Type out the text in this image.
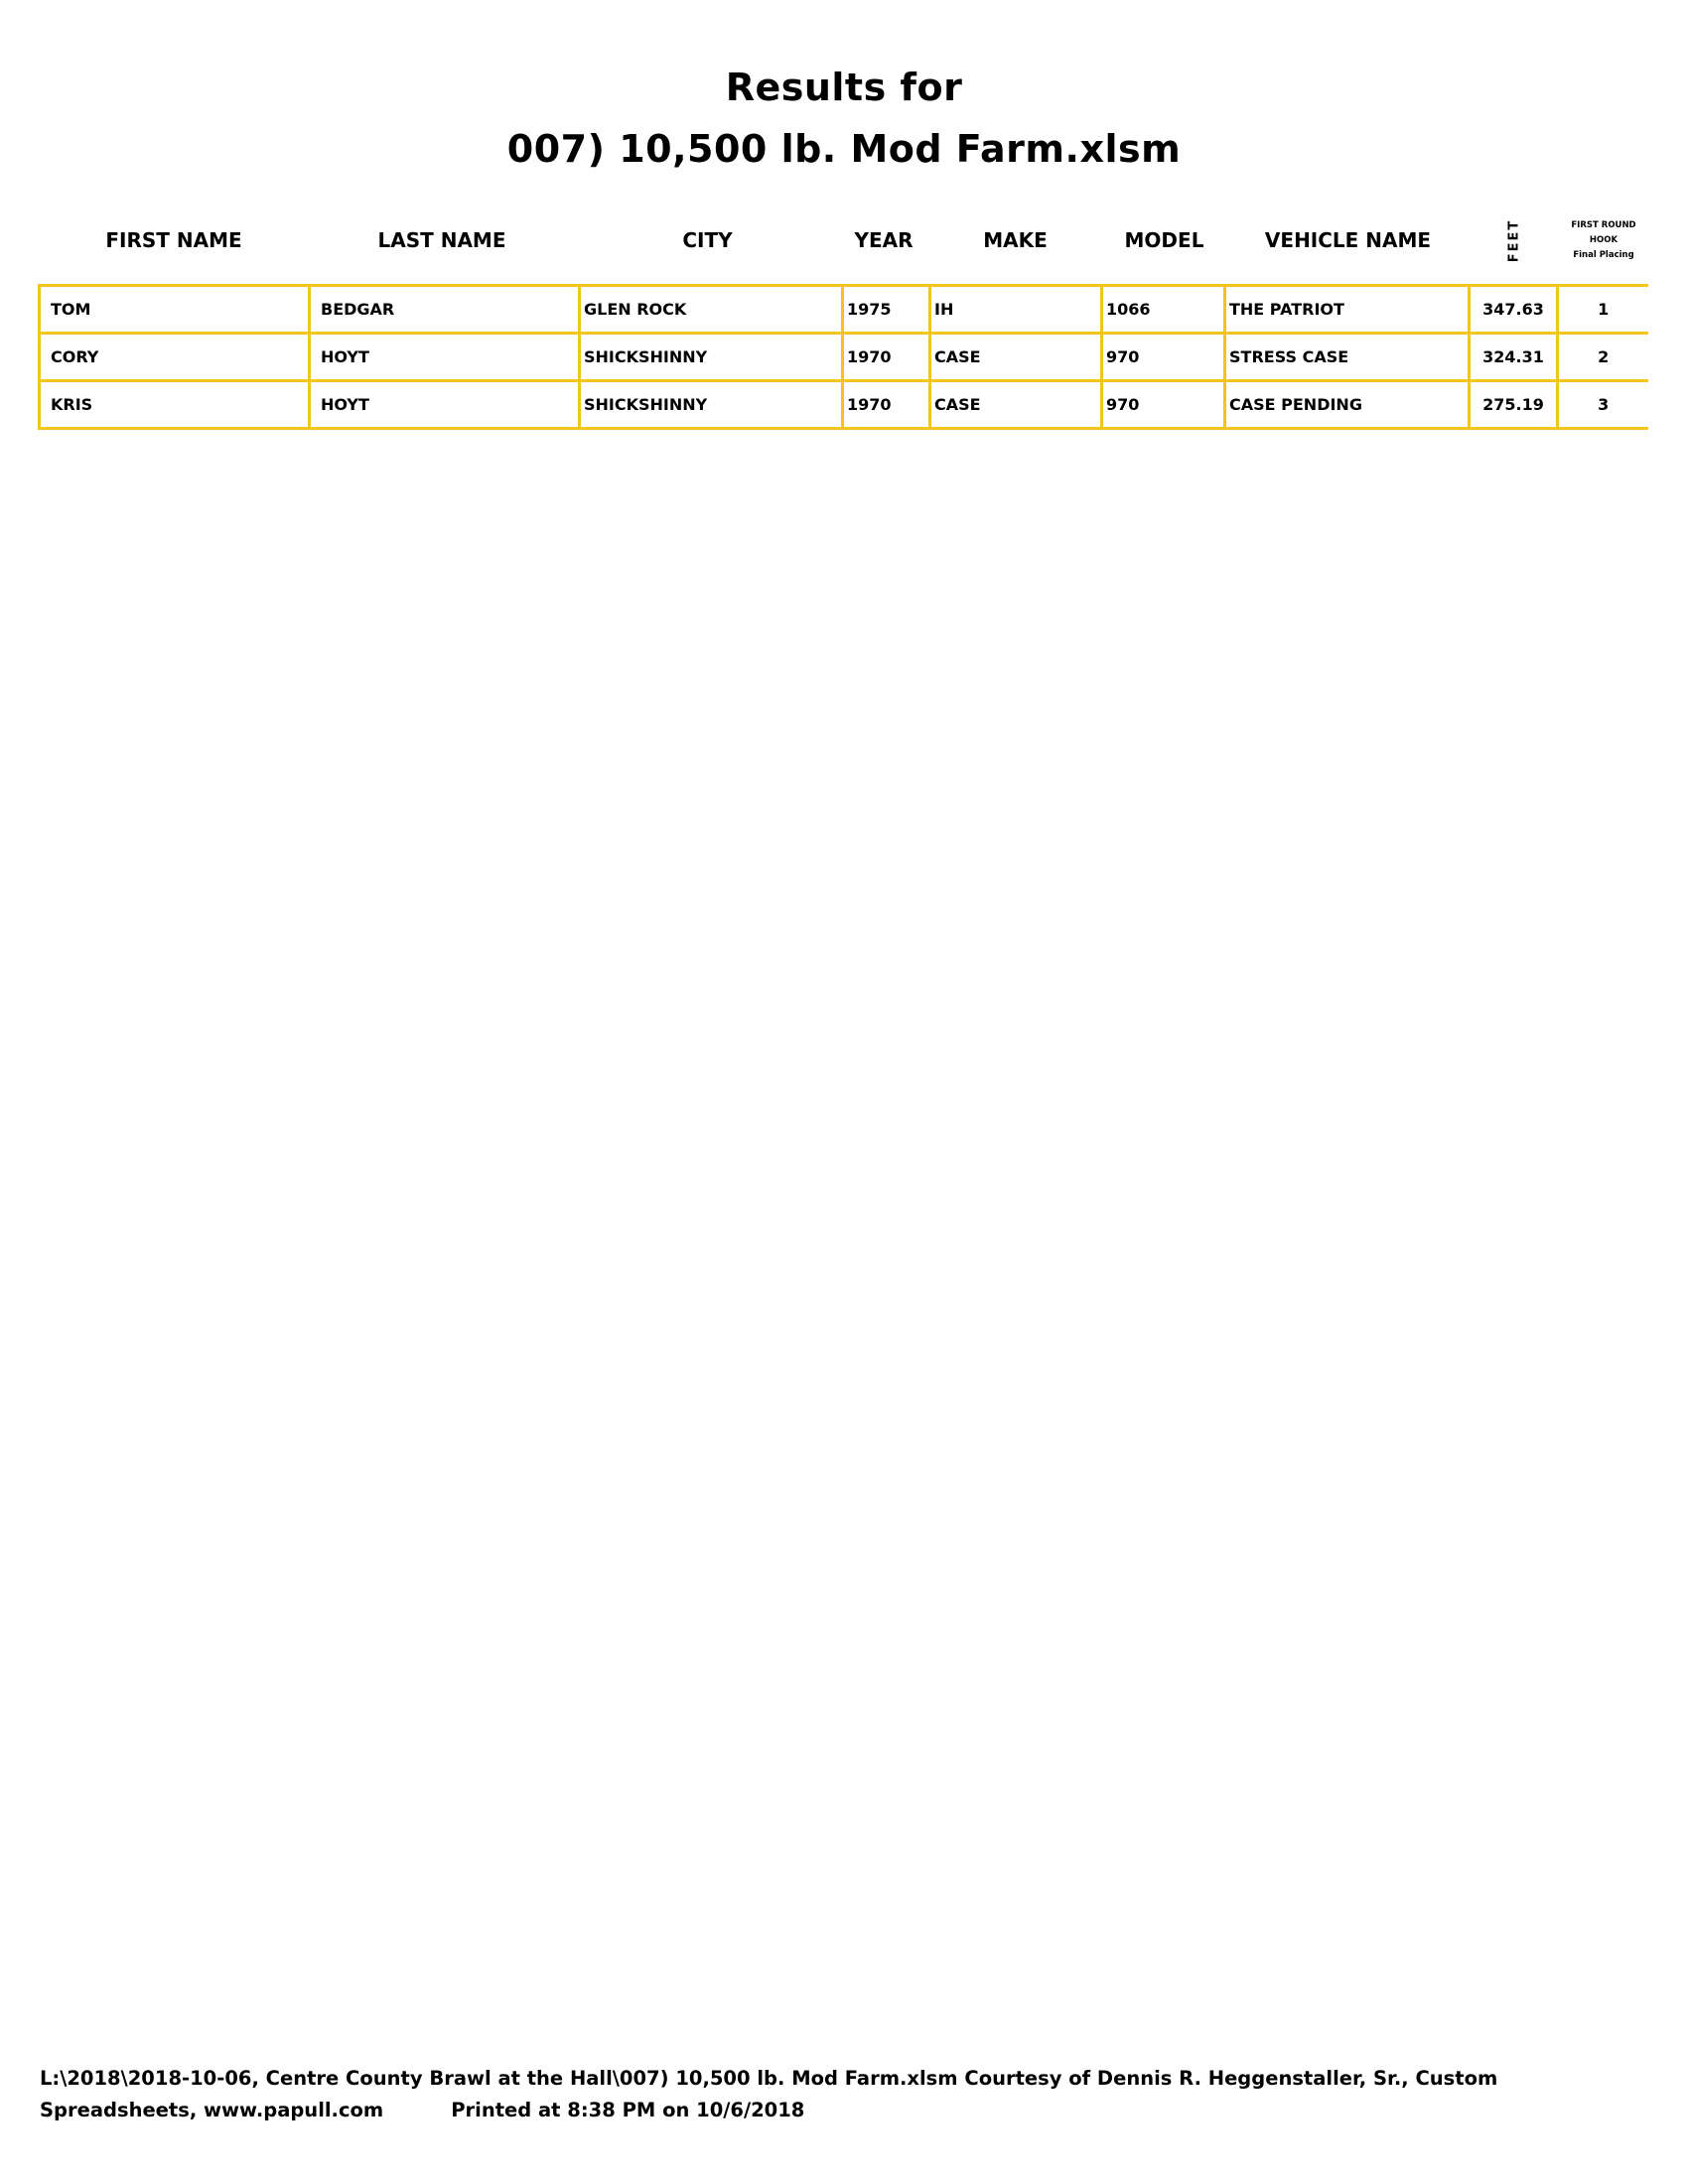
Results for
007) 10,500 lb. Mod Farm.xlsm
FIRST NAME	LAST NAME	CITY	YEAR	MAKE	MODEL	VEHICLE NAME	FEET	FIRST ROUND
HOOK
Final Placing
TOM	BEDGAR	GLEN ROCK	1975	IH	1066	THE PATRIOT	347.63	1
CORY	HOYT	SHICKSHINNY	1970	CASE	970	STRESS CASE	324.31	2
KRIS	HOYT	SHICKSHINNY	1970	CASE	970	CASE PENDING	275.19	3
L:\2018\2018-10-06, Centre County Brawl at the Hall\007) 10,500 lb. Mod Farm.xlsm Courtesy of Dennis R. Heggenstaller, Sr., Custom
Spreadsheets, www.papull.com	Printed at 8:38 PM on 10/6/2018
